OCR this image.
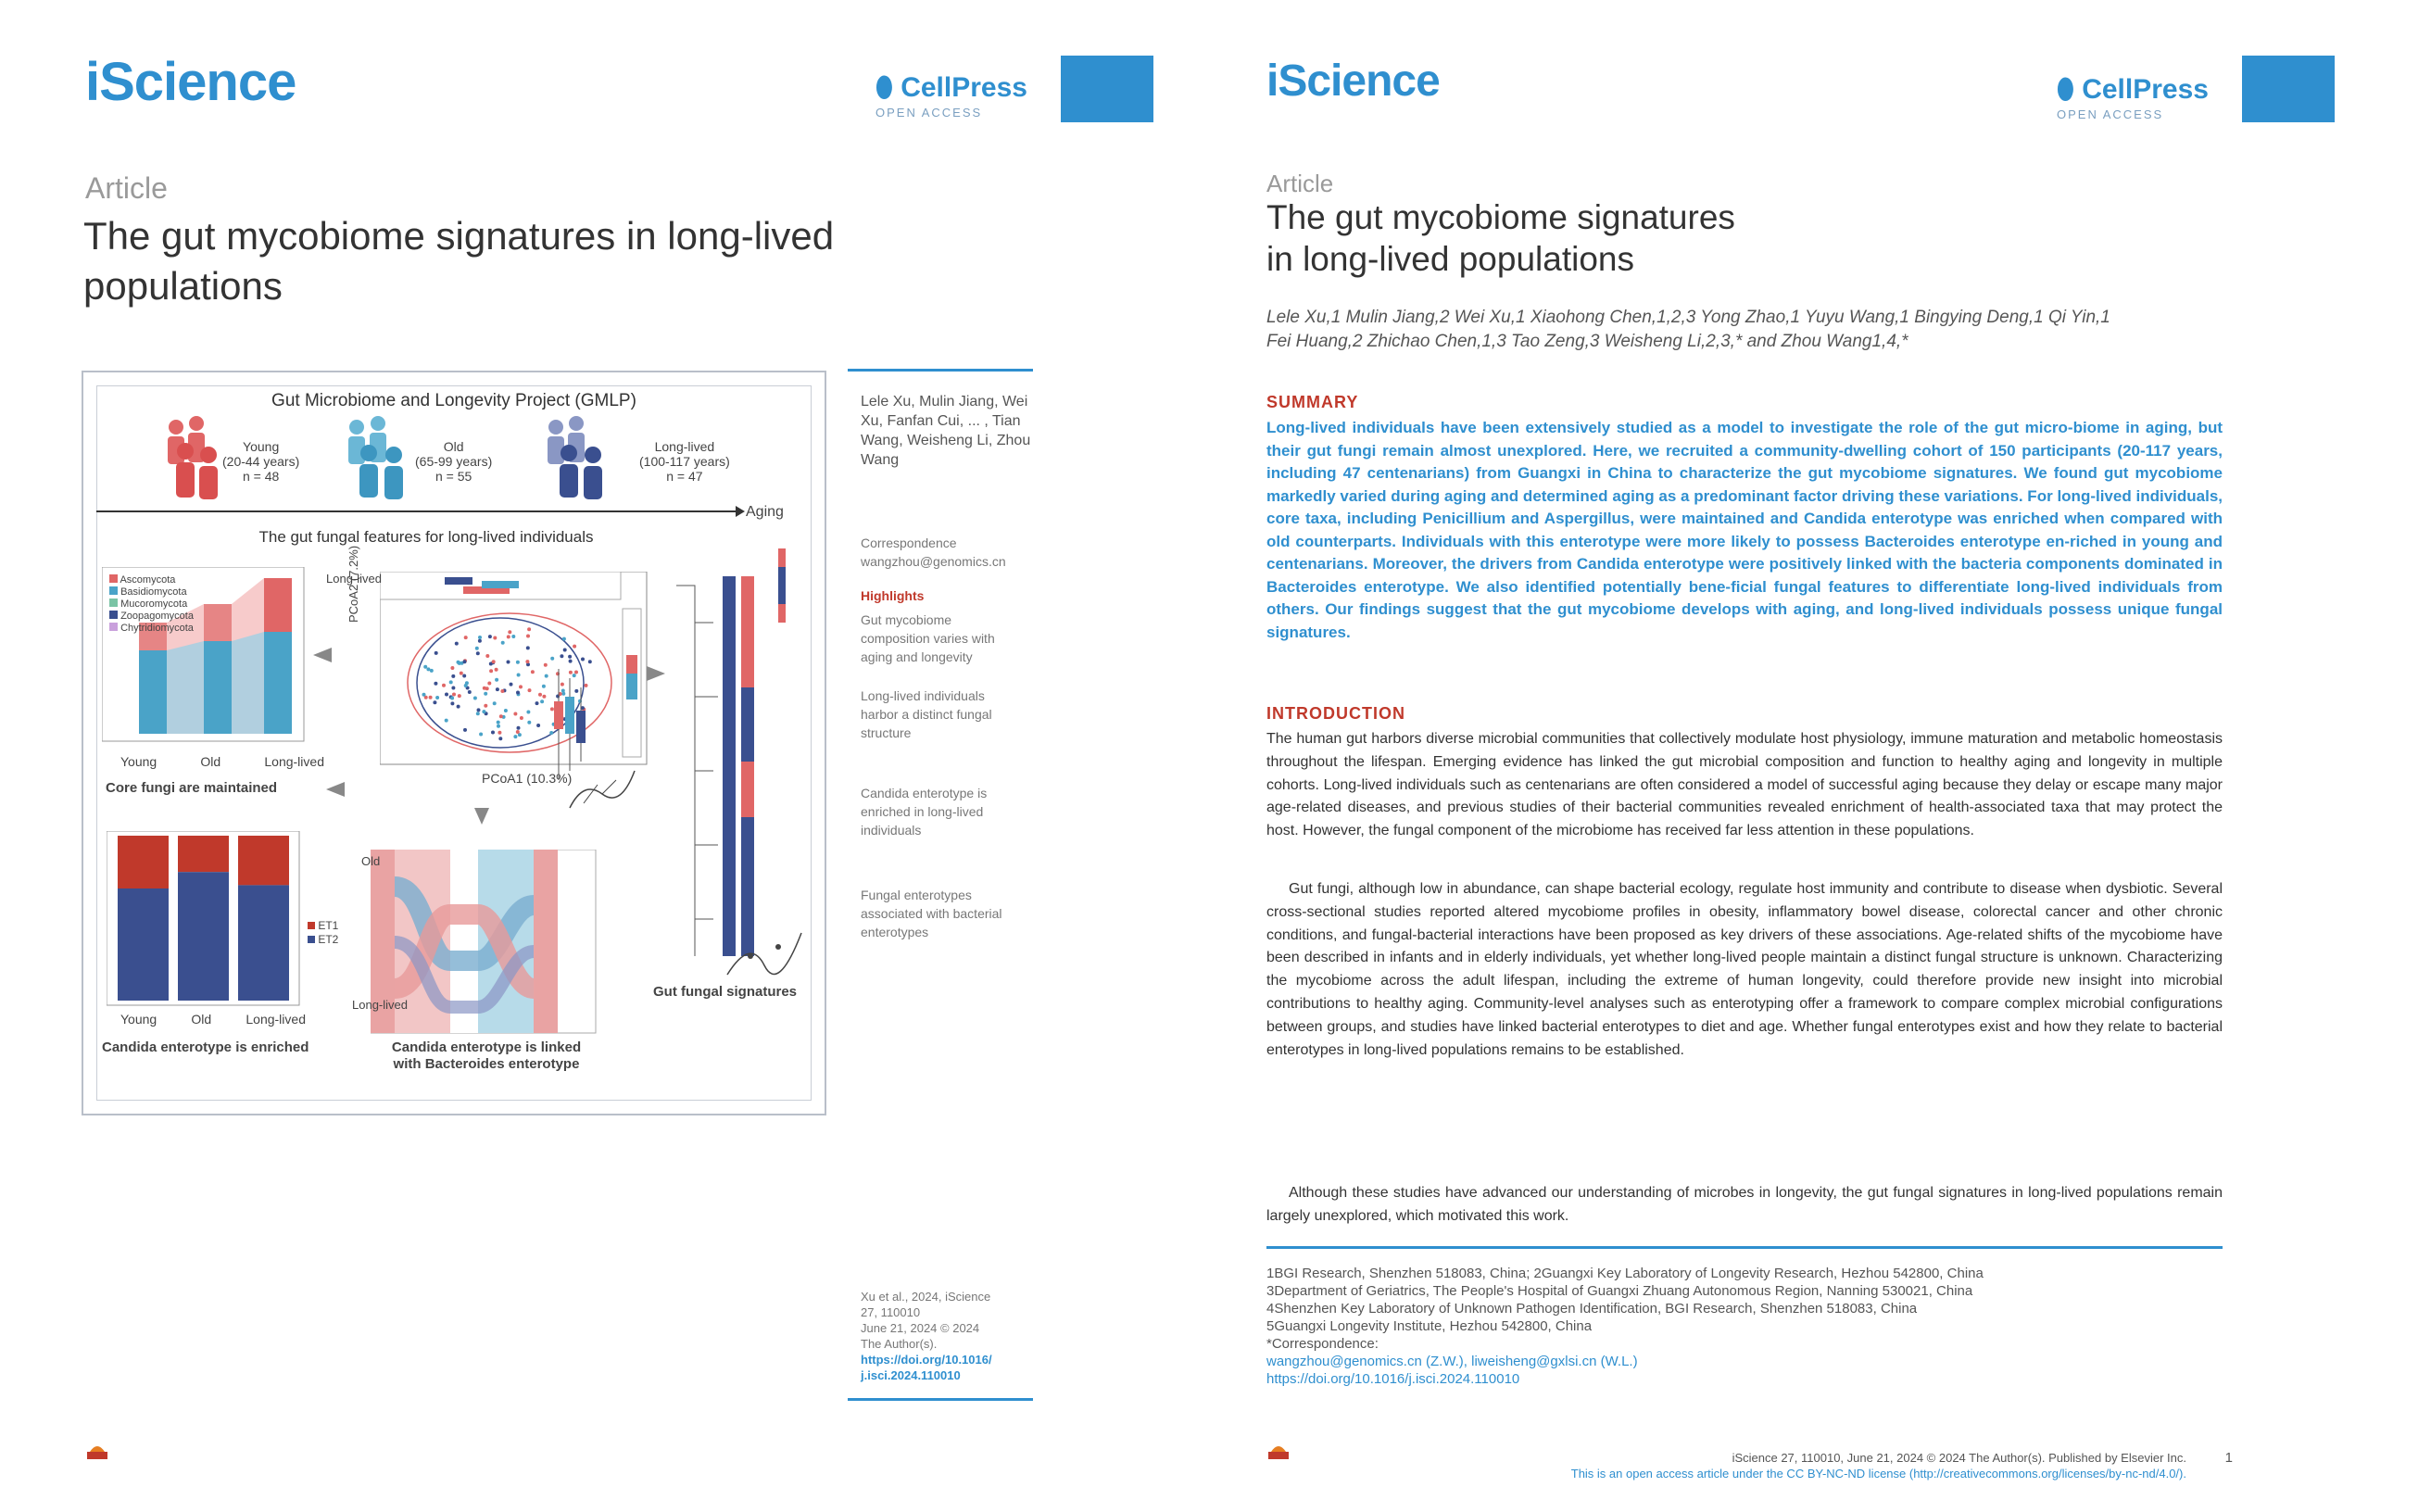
iScience	⬮ CellPress
OPEN ACCESS
Article
The gut mycobiome signatures in long-lived
populations
Gut Microbiome and Longevity Project (GMLP)
Young
(20-44 years)
n = 48
Old
(65-99 years)
n = 55
Long-lived
(100-117 years)
n = 47
Aging
The gut fungal features for long-lived individuals
Ascomycota
Basidiomycota
Mucoromycota
Zoopagomycota
Chytridiomycota
Young	Old	Long-lived
Core fungi are maintained
PCoA2 (7.2%)
PCoA1 (10.3%)
Long-lived
Gut fungal signatures
ET1
ET2
Young	Old	Long-lived
Candida enterotype is enriched
Old
Long-lived
Candida enterotype is linked
with Bacteroides enterotype
Lele Xu, Mulin Jiang, Wei Xu, Fanfan Cui, ... , Tian Wang, Weisheng Li, Zhou Wang
Correspondence
wangzhou@genomics.cn
Highlights
Gut mycobiome composition varies with aging and longevity
Long-lived individuals harbor a distinct fungal structure
Candida enterotype is enriched in long-lived individuals
Fungal enterotypes associated with bacterial enterotypes
Xu et al., 2024, iScience
27, 110010
June 21, 2024 © 2024
The Author(s).
https://doi.org/10.1016/
j.isci.2024.110010
iScience	⬮ CellPress
OPEN ACCESS
Article
The gut mycobiome signatures
in long-lived populations
Lele Xu,1 Mulin Jiang,2 Wei Xu,1 Xiaohong Chen,1,2,3 Yong Zhao,1 Yuyu Wang,1 Bingying Deng,1 Qi Yin,1
Fei Huang,2 Zhichao Chen,1,3 Tao Zeng,3 Weisheng Li,2,3,* and Zhou Wang1,4,*
SUMMARY
Long-lived individuals have been extensively studied as a model to investigate the role of the gut micro-biome in aging, but their gut fungi remain almost unexplored. Here, we recruited a community-dwelling cohort of 150 participants (20-117 years, including 47 centenarians) from Guangxi in China to characterize the gut mycobiome signatures. We found gut mycobiome markedly varied during aging and determined aging as a predominant factor driving these variations. For long-lived individuals, core taxa, including Penicillium and Aspergillus, were maintained and Candida enterotype was enriched when compared with old counterparts. Individuals with this enterotype were more likely to possess Bacteroides enterotype en-riched in young and centenarians. Moreover, the drivers from Candida enterotype were positively linked with the bacteria components dominated in Bacteroides enterotype. We also identified potentially bene-ficial fungal features to differentiate long-lived individuals from others. Our findings suggest that the gut mycobiome develops with aging, and long-lived individuals possess unique fungal signatures.
INTRODUCTION
The human gut harbors diverse microbial communities that collectively modulate host physiology, immune maturation and metabolic homeostasis throughout the lifespan. Emerging evidence has linked the gut microbial composition and function to healthy aging and longevity in multiple cohorts. Long-lived individuals such as centenarians are often considered a model of successful aging because they delay or escape many major age-related diseases, and previous studies of their bacterial communities revealed enrichment of health-associated taxa that may protect the host. However, the fungal component of the microbiome has received far less attention in these populations.
Gut fungi, although low in abundance, can shape bacterial ecology, regulate host immunity and contribute to disease when dysbiotic. Several cross-sectional studies reported altered mycobiome profiles in obesity, inflammatory bowel disease, colorectal cancer and other chronic conditions, and fungal-bacterial interactions have been proposed as key drivers of these associations. Age-related shifts of the mycobiome have been described in infants and in elderly individuals, yet whether long-lived people maintain a distinct fungal structure is unknown. Characterizing the mycobiome across the adult lifespan, including the extreme of human longevity, could therefore provide new insight into microbial contributions to healthy aging. Community-level analyses such as enterotyping offer a framework to compare complex microbial configurations between groups, and studies have linked bacterial enterotypes to diet and age. Whether fungal enterotypes exist and how they relate to bacterial enterotypes in long-lived populations remains to be established.
Although these studies have advanced our understanding of microbes in longevity, the gut fungal signatures in long-lived populations remain largely unexplored, which motivated this work.
1BGI Research, Shenzhen 518083, China; 2Guangxi Key Laboratory of Longevity Research, Hezhou 542800, China
3Department of Geriatrics, The People's Hospital of Guangxi Zhuang Autonomous Region, Nanning 530021, China
4Shenzhen Key Laboratory of Unknown Pathogen Identification, BGI Research, Shenzhen 518083, China
5Guangxi Longevity Institute, Hezhou 542800, China
*Correspondence:
wangzhou@genomics.cn (Z.W.), liweisheng@gxlsi.cn (W.L.)
https://doi.org/10.1016/j.isci.2024.110010
iScience 27, 110010, June 21, 2024 © 2024 The Author(s). Published by Elsevier Inc.
This is an open access article under the CC BY-NC-ND license (http://creativecommons.org/licenses/by-nc-nd/4.0/).
1
